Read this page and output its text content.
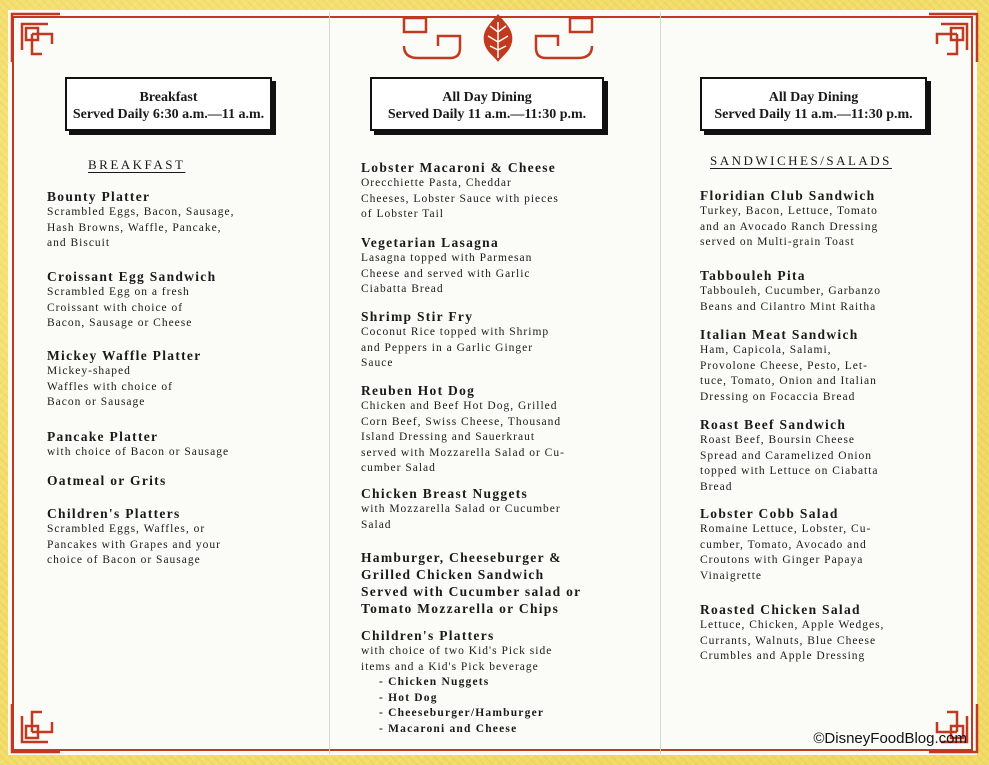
Breakfast
Served Daily 6:30 a.m.—11 a.m.
BREAKFAST
Bounty Platter
Scrambled Eggs, Bacon, Sausage,
Hash Browns, Waffle, Pancake,
and Biscuit
Croissant Egg Sandwich
Scrambled Egg on a fresh
Croissant with choice of
Bacon, Sausage or Cheese
Mickey Waffle Platter
Mickey-shaped
Waffles with choice of
Bacon or Sausage
Pancake Platter
with choice of Bacon or Sausage
Oatmeal or Grits
Children's Platters
Scrambled Eggs, Waffles, or
Pancakes with Grapes and your
choice of Bacon or Sausage
All Day Dining
Served Daily 11 a.m.—11:30 p.m.
Lobster Macaroni & Cheese
Orecchiette Pasta, Cheddar
Cheeses, Lobster Sauce with pieces
of Lobster Tail
Vegetarian Lasagna
Lasagna topped with Parmesan
Cheese and served with Garlic
Ciabatta Bread
Shrimp Stir Fry
Coconut Rice topped with Shrimp
and Peppers in a Garlic Ginger
Sauce
Reuben Hot Dog
Chicken and Beef Hot Dog, Grilled
Corn Beef, Swiss Cheese, Thousand
Island Dressing and Sauerkraut
served with Mozzarella Salad or Cu-
cumber Salad
Chicken Breast Nuggets
with Mozzarella Salad or Cucumber
Salad
Hamburger, Cheeseburger &
Grilled Chicken Sandwich
Served with Cucumber salad or
Tomato Mozzarella or Chips
Children's Platters
with choice of two Kid's Pick side
items and a Kid's Pick beverage
- Chicken Nuggets
- Hot Dog
- Cheeseburger/Hamburger
- Macaroni and Cheese
All Day Dining
Served Daily 11 a.m.—11:30 p.m.
SANDWICHES/SALADS
Floridian Club Sandwich
Turkey, Bacon, Lettuce, Tomato
and an Avocado Ranch Dressing
served on Multi-grain Toast
Tabbouleh Pita
Tabbouleh, Cucumber, Garbanzo
Beans and Cilantro Mint Raitha
Italian Meat Sandwich
Ham, Capicola, Salami,
Provolone Cheese, Pesto, Let-
tuce, Tomato, Onion and Italian
Dressing on Focaccia Bread
Roast Beef Sandwich
Roast Beef, Boursin Cheese
Spread and Caramelized Onion
topped with Lettuce on Ciabatta
Bread
Lobster Cobb Salad
Romaine Lettuce, Lobster, Cu-
cumber, Tomato, Avocado and
Croutons with Ginger Papaya
Vinaigrette
Roasted Chicken Salad
Lettuce, Chicken, Apple Wedges,
Currants, Walnuts, Blue Cheese
Crumbles and Apple Dressing
©DisneyFoodBlog.com
